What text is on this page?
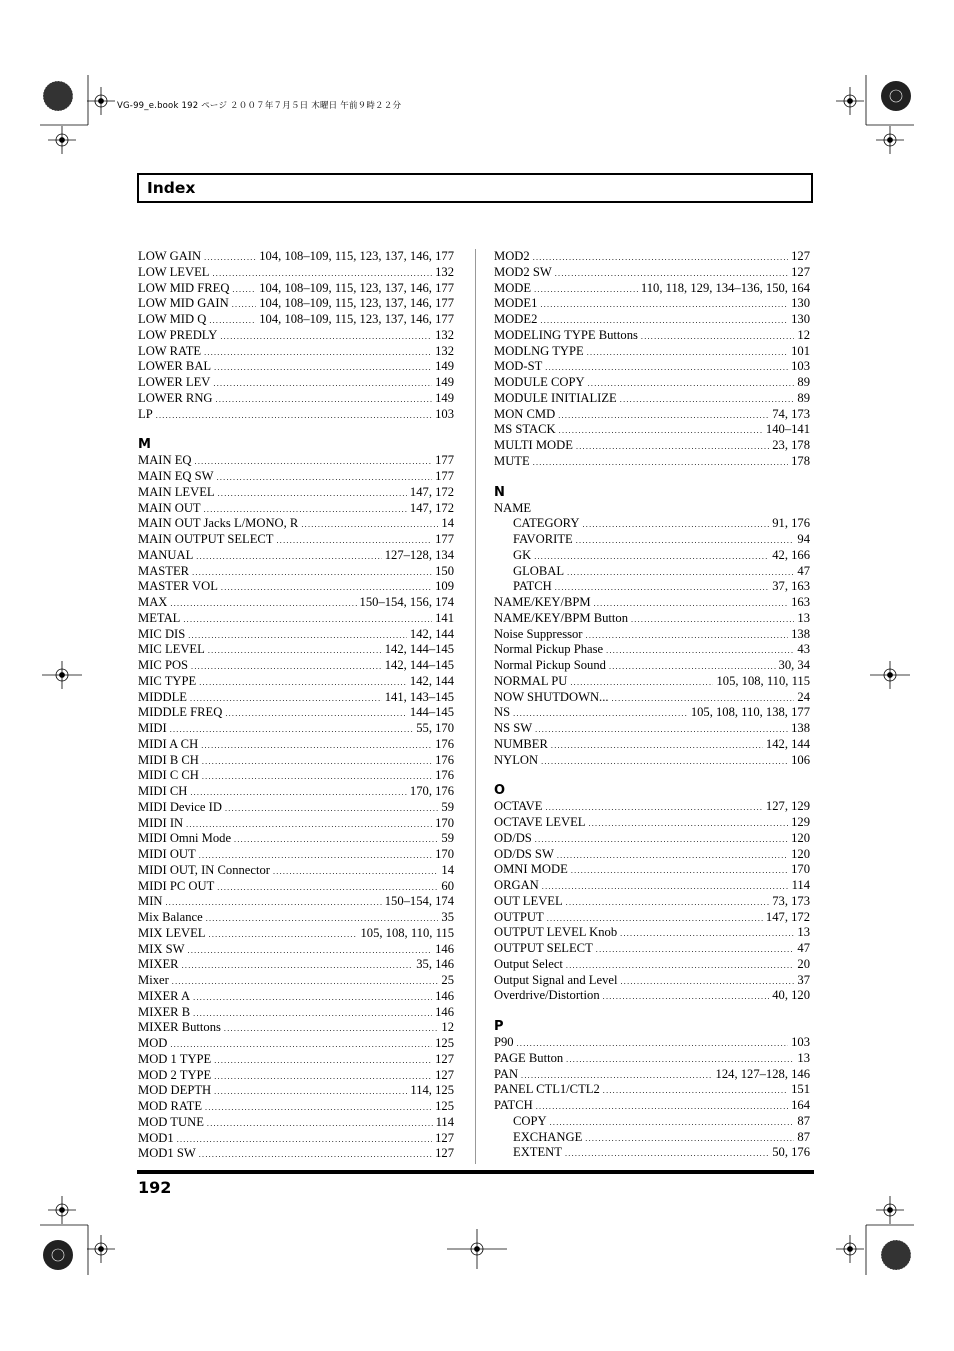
VG-99_e.book 192 ページ ２００７年７月５日 木曜日 午前９時２２分
Index
LOW GAIN .....	104, 108–109, 115, 123, 137, 146, 177
LOW LEVEL .....	132
LOW MID FREQ ..... 104, 108–109, 115, 123, 137, 146, 177
LOW MID GAIN ..... 104, 108–109, 115, 123, 137, 146, 177
LOW MID Q .....	104, 108–109, 115, 123, 137, 146, 177
LOW PREDLY .....	132
LOW RATE .....	132
LOWER BAL .....	149
LOWER LEV .....	149
LOWER RNG .....	149
LP .....	103
M
MAIN EQ .....	177
MAIN EQ SW .....	177
MAIN LEVEL .....	147, 172
MAIN OUT .....	147, 172
MAIN OUT Jacks L/MONO, R .....	14
MAIN OUTPUT SELECT .....	177
MANUAL .....	127–128, 134
MASTER .....	150
MASTER VOL .....	109
MAX .....	150–154, 156, 174
METAL .....	141
MIC DIS .....	142, 144
MIC LEVEL .....	142, 144–145
MIC POS .....	142, 144–145
MIC TYPE .....	142, 144
MIDDLE .....	141, 143–145
MIDDLE FREQ .....	144–145
MIDI .....	55, 170
MIDI A CH .....	176
MIDI B CH .....	176
MIDI C CH .....	176
MIDI CH .....	170, 176
MIDI Device ID .....	59
MIDI IN .....	170
MIDI Omni Mode .....	59
MIDI OUT .....	170
MIDI OUT, IN Connector .....	14
MIDI PC OUT .....	60
MIN .....	150–154, 174
Mix Balance .....	35
MIX LEVEL .....	105, 108, 110, 115
MIX SW .....	146
MIXER .....	35, 146
Mixer .....	25
MIXER A .....	146
MIXER B .....	146
MIXER Buttons .....	12
MOD .....	125
MOD 1 TYPE .....	127
MOD 2 TYPE .....	127
MOD DEPTH .....	114, 125
MOD RATE .....	125
MOD TUNE .....	114
MOD1 .....	127
MOD1 SW .....	127
MOD2 .....	127
MOD2 SW .....	127
MODE .....	110, 118, 129, 134–136, 150, 164
MODE1 .....	130
MODE2 .....	130
MODELING TYPE Buttons .....	12
MODLNG TYPE .....	101
MOD-ST .....	103
MODULE COPY .....	89
MODULE INITIALIZE .....	89
MON CMD .....	74, 173
MS STACK .....	140–141
MULTI MODE .....	23, 178
MUTE .....	178
N
NAME
CATEGORY .....	91, 176
FAVORITE .....	94
GK .....	42, 166
GLOBAL .....	47
PATCH .....	37, 163
NAME/KEY/BPM .....	163
NAME/KEY/BPM Button .....	13
Noise Suppressor .....	138
Normal Pickup Phase .....	43
Normal Pickup Sound .....	30, 34
NORMAL PU .....	105, 108, 110, 115
NOW SHUTDOWN... .....	24
NS .....	105, 108, 110, 138, 177
NS SW .....	138
NUMBER .....	142, 144
NYLON .....	106
O
OCTAVE .....	127, 129
OCTAVE LEVEL .....	129
OD/DS .....	120
OD/DS SW .....	120
OMNI MODE .....	170
ORGAN .....	114
OUT LEVEL .....	73, 173
OUTPUT .....	147, 172
OUTPUT LEVEL Knob .....	13
OUTPUT SELECT .....	47
Output Select .....	20
Output Signal and Level .....	37
Overdrive/Distortion .....	40, 120
P
P90 .....	103
PAGE Button .....	13
PAN .....	124, 127–128, 146
PANEL CTL1/CTL2 .....	151
PATCH .....	164
COPY .....	87
EXCHANGE .....	87
EXTENT .....	50, 176
192
